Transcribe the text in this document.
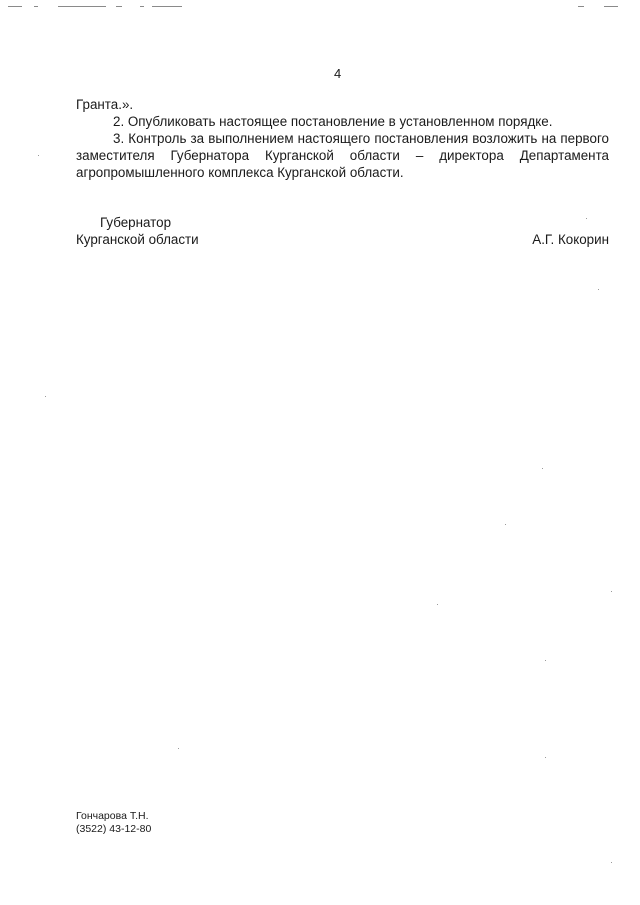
4

Гранта.».

2. Опубликовать настоящее постановление в установленном порядке.

3. Контроль за выполнением настоящего постановления возложить на первого заместителя Губернатора Курганской области – директора Департамента агропромышленного комплекса Курганской области.

Губернатор
Курганской области	А.Г. Кокорин
Гончарова Т.Н.
(3522) 43-12-80
